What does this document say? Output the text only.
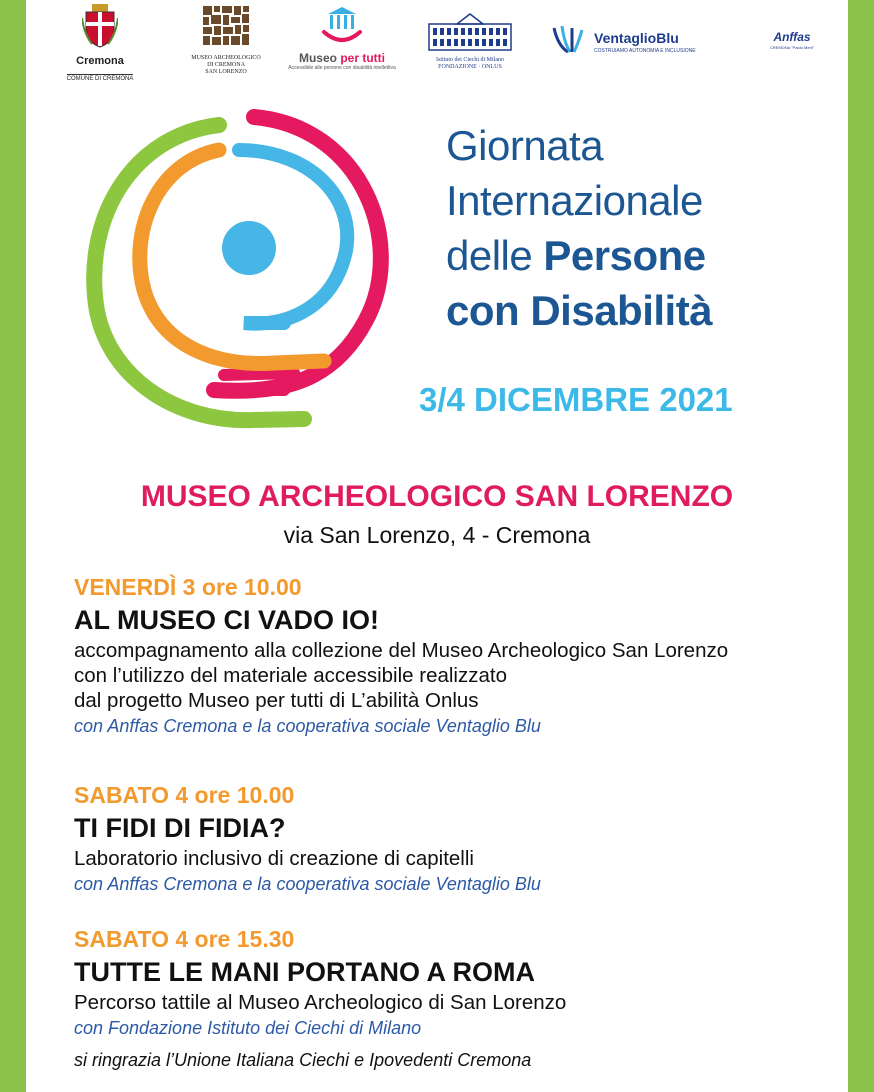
Cremona
COMUNE DI CREMONA
MUSEO ARCHEOLOGICO
DI CREMONA
SAN LORENZO
Museo per tutti
Accessibile alle persone con disabilità intellettiva
Istituto dei Ciechi di Milano
FONDAZIONE · ONLUS
VentaglioBlu
COSTRUIAMO AUTONOMIA E INCLUSIONE
Anffas
CREMONA "Paolo Merli"
Giornata
Internazionale
delle Persone
con Disabilità
3/4 DICEMBRE 2021
MUSEO ARCHEOLOGICO SAN LORENZO
via San Lorenzo, 4 - Cremona
VENERDÌ 3 ore 10.00
AL MUSEO CI VADO IO!
accompagnamento alla collezione del Museo Archeologico San Lorenzo
con l’utilizzo del materiale accessibile realizzato
dal progetto Museo per tutti di L’abilità Onlus
con Anffas Cremona e la cooperativa sociale Ventaglio Blu
SABATO 4 ore 10.00
TI FIDI DI FIDIA?
Laboratorio inclusivo di creazione di capitelli
con Anffas Cremona e la cooperativa sociale Ventaglio Blu
SABATO 4 ore 15.30
TUTTE LE MANI PORTANO A ROMA
Percorso tattile al Museo Archeologico di San Lorenzo
con Fondazione Istituto dei Ciechi di Milano
si ringrazia l’Unione Italiana Ciechi e Ipovedenti Cremona
